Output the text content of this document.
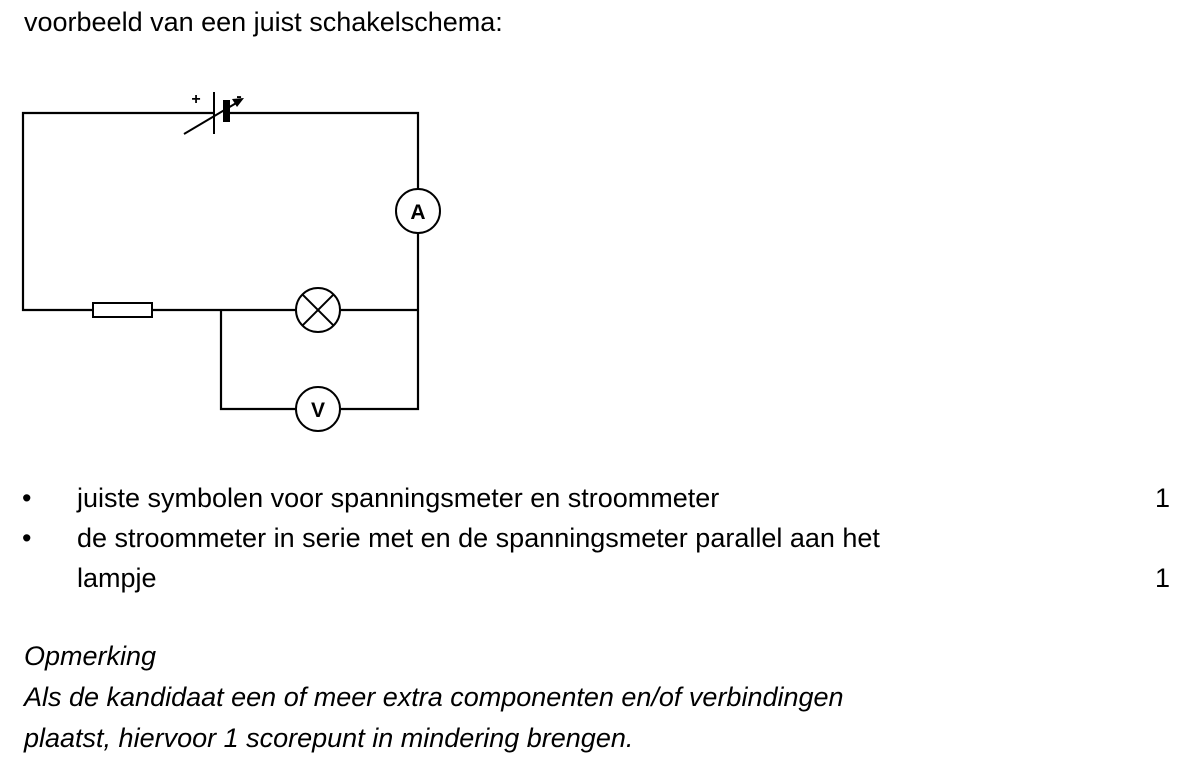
voorbeeld van een juist schakelschema:

+ -
A
V
• juiste symbolen voor spanningsmeter en stroommeter	1
• de stroommeter in serie met en de spanningsmeter parallel aan het
lampje	1
Opmerking
Als de kandidaat een of meer extra componenten en/of verbindingen
plaatst, hiervoor 1 scorepunt in mindering brengen.
